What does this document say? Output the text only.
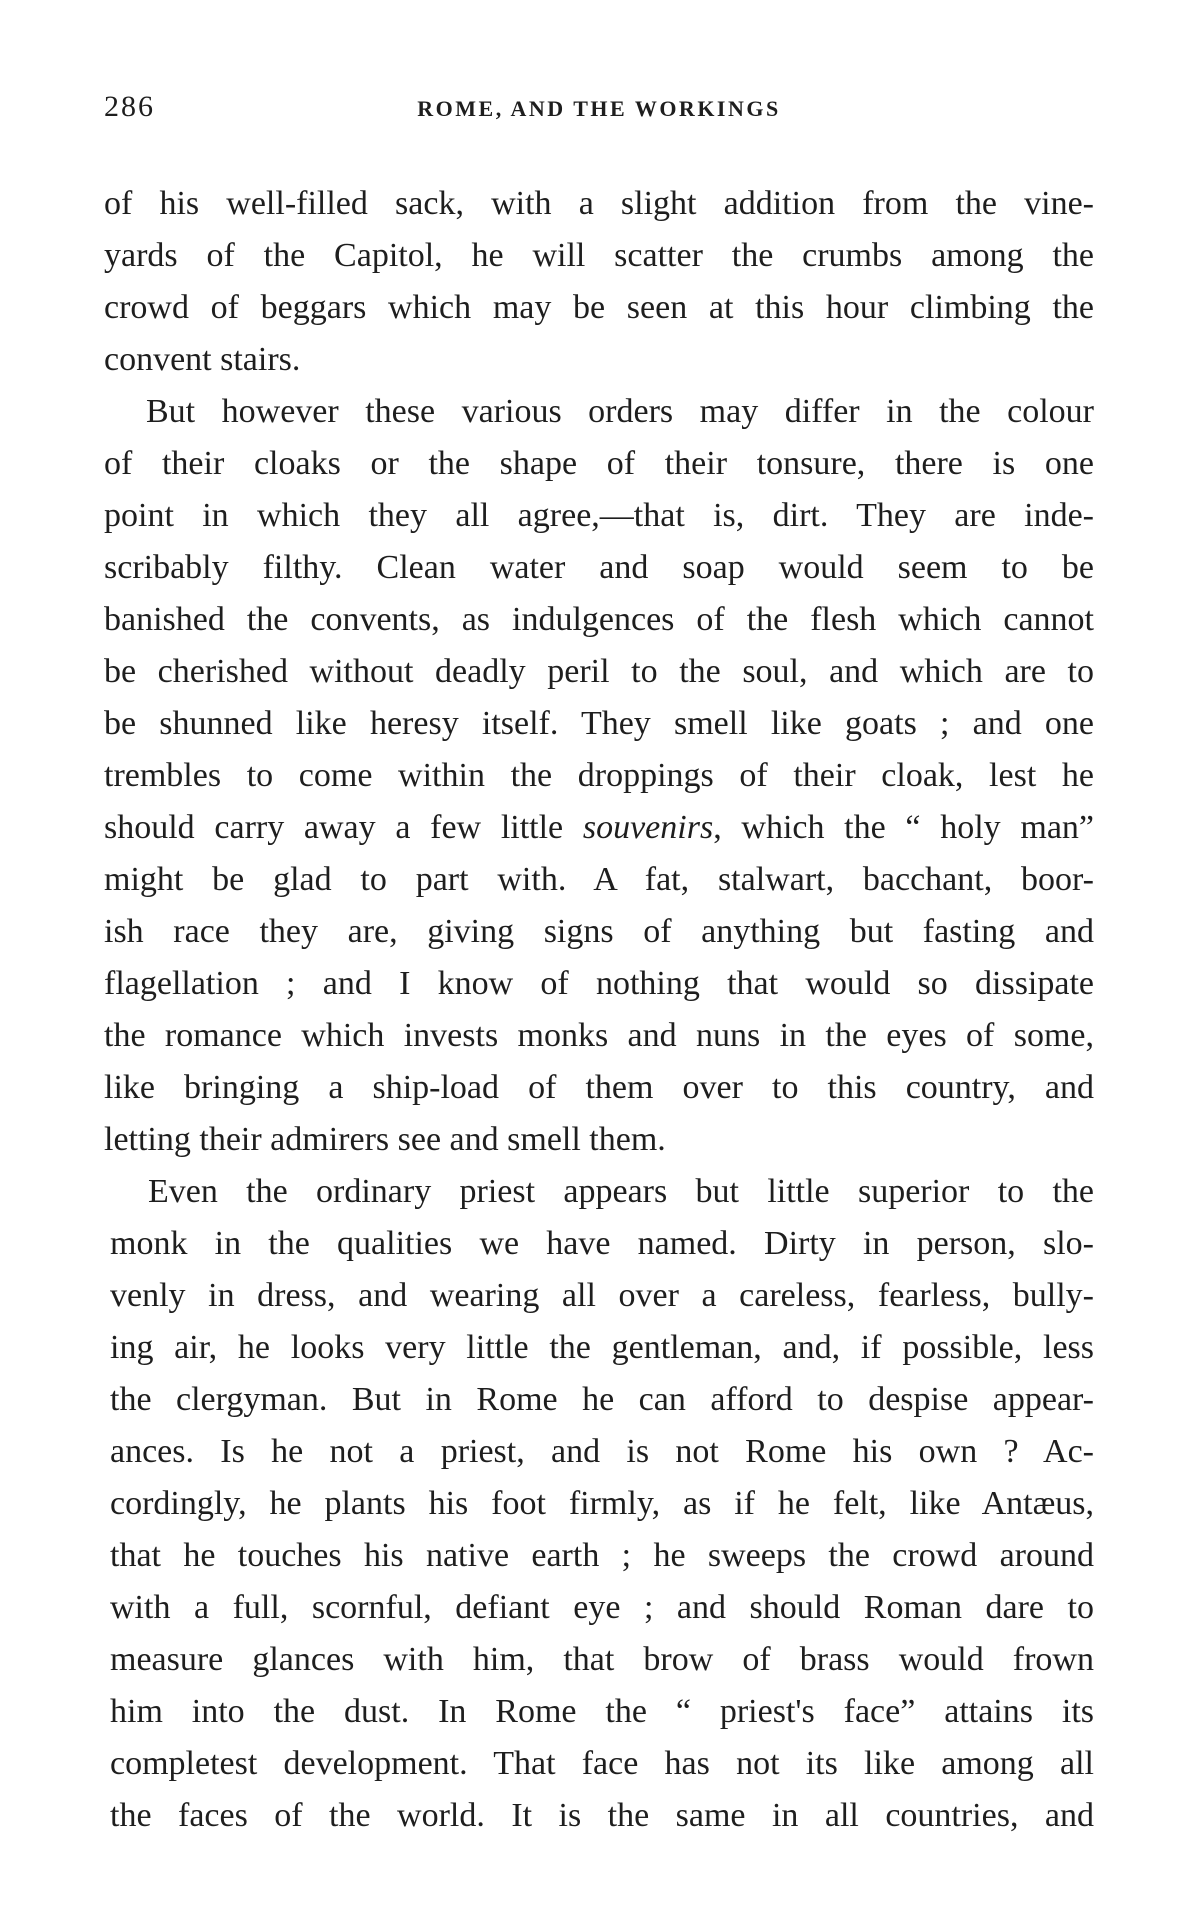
286	ROME, AND THE WORKINGS
of his well-filled sack, with a slight addition from the vine-
yards of the Capitol, he will scatter the crumbs among the
crowd of beggars which may be seen at this hour climbing the
convent stairs.
But however these various orders may differ in the colour
of their cloaks or the shape of their tonsure, there is one
point in which they all agree,—that is, dirt. They are inde-
scribably filthy. Clean water and soap would seem to be
banished the convents, as indulgences of the flesh which cannot
be cherished without deadly peril to the soul, and which are to
be shunned like heresy itself. They smell like goats ; and one
trembles to come within the droppings of their cloak, lest he
should carry away a few little souvenirs, which the “ holy man”
might be glad to part with. A fat, stalwart, bacchant, boor-
ish race they are, giving signs of anything but fasting and
flagellation ; and I know of nothing that would so dissipate
the romance which invests monks and nuns in the eyes of some,
like bringing a ship-load of them over to this country, and
letting their admirers see and smell them.
Even the ordinary priest appears but little superior to the
monk in the qualities we have named. Dirty in person, slo-
venly in dress, and wearing all over a careless, fearless, bully-
ing air, he looks very little the gentleman, and, if possible, less
the clergyman. But in Rome he can afford to despise appear-
ances. Is he not a priest, and is not Rome his own ? Ac-
cordingly, he plants his foot firmly, as if he felt, like Antæus,
that he touches his native earth ; he sweeps the crowd around
with a full, scornful, defiant eye ; and should Roman dare to
measure glances with him, that brow of brass would frown
him into the dust. In Rome the “ priest's face” attains its
completest development. That face has not its like among all
the faces of the world. It is the same in all countries, and
